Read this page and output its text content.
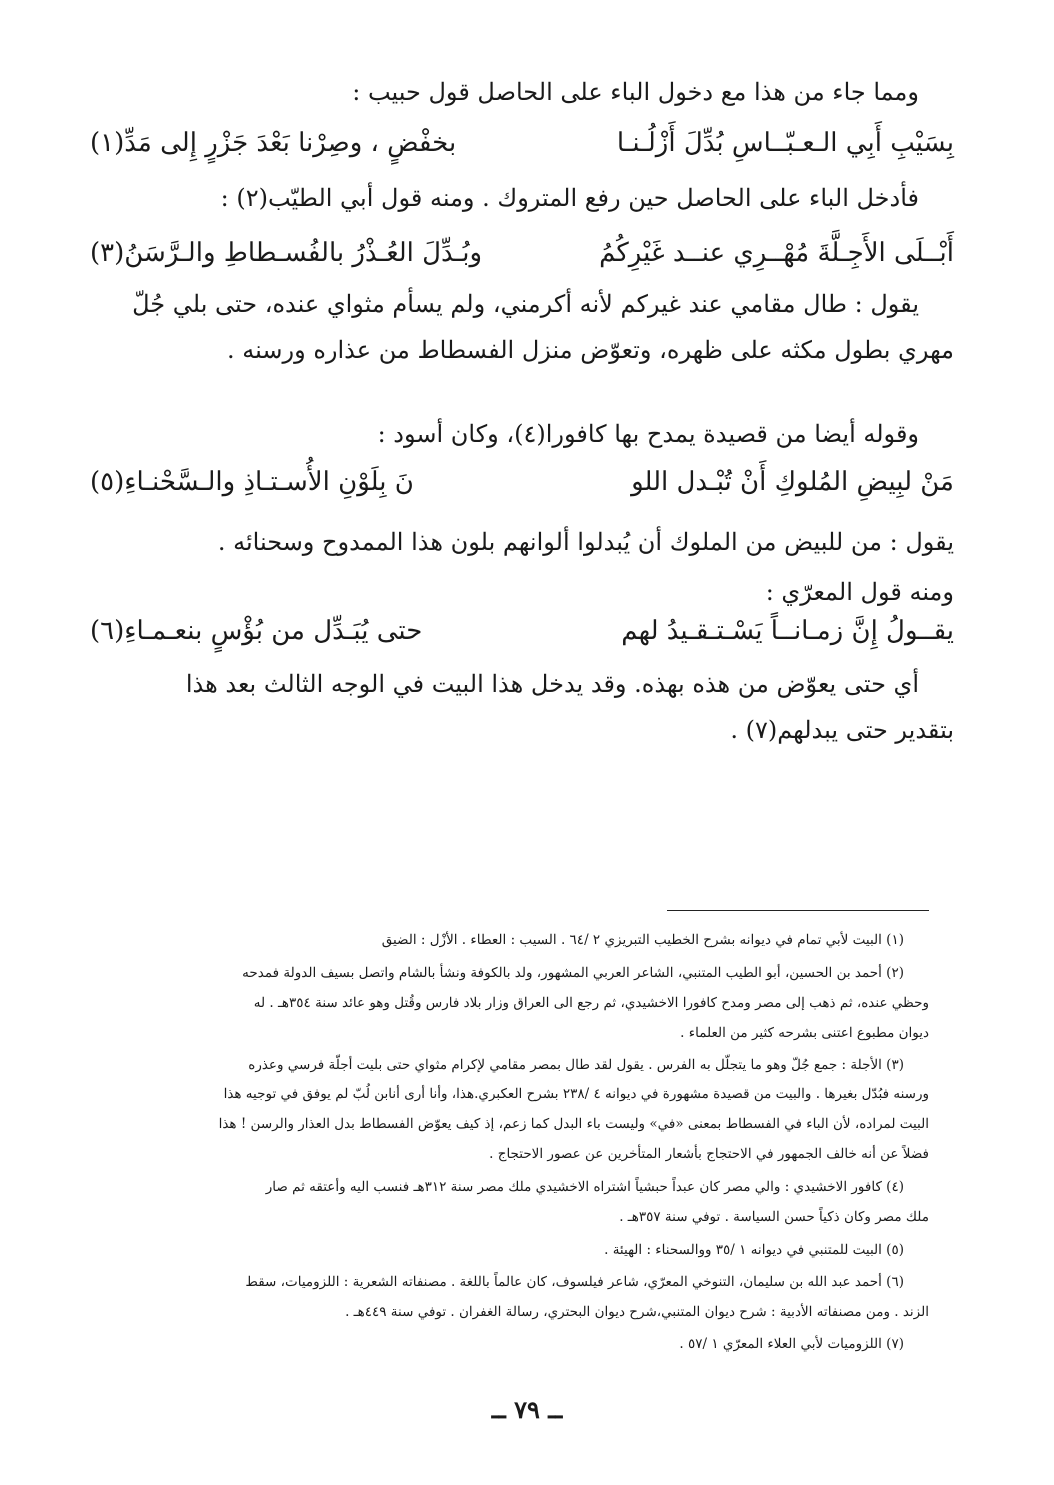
ومما جاء من هذا مع دخول الباء على الحاصل قول حبيب :
بِسَيْبِ أَبِي الـعـبّــاسِ بُدِّلَ أَزْلُـنـا
بخفْضٍ ، وصِرْنا بَعْدَ جَزْرٍ إِلى مَدِّ(١)
فأدخل الباء على الحاصل حين رفع المتروك . ومنه قول أبي الطيّب(٢) :
أَبْــلَى الأَجِـلَّةَ مُهْــرِي عنــد غَيْرِكُمُ
وبُـدِّلَ العُـذْرُ بالفُسـطاطِ والـرَّسَنُ(٣)
يقول : طال مقامي عند غيركم لأنه أكرمني، ولم يسأم مثواي عنده، حتى بلي جُلّ
مهري بطول مكثه على ظهره، وتعوّض منزل الفسطاط من عذاره ورسنه .
وقوله أيضا من قصيدة يمدح بها كافورا(٤)، وكان أسود :
مَنْ لبِيضِ المُلوكِ أَنْ تُبْـدل اللو
نَ بِلَوْنِ الأُسـتـاذِ والـسَّحْنـاءِ(٥)
يقول : من للبيض من الملوك أن يُبدلوا ألوانهم بلون هذا الممدوح وسحنائه .
ومنه قول المعرّي :
يقــولُ إِنَّ زمـانــاً يَسْـتـقـيدُ لهم
حتى يُبَـدِّل من بُؤْسٍ بنعـمـاءِ(٦)
أي حتى يعوّض من هذه بهذه. وقد يدخل هذا البيت في الوجه الثالث بعد هذا
بتقدير حتى يبدلهم(٧) .
(١) البيت لأبي تمام في ديوانه بشرح الخطيب التبريزي ٢ /٦٤ . السيب : العطاء . الأزْل : الضيق
(٢) أحمد بن الحسين، أبو الطيب المتنبي، الشاعر العربي المشهور، ولد بالكوفة ونشأ بالشام واتصل بسيف الدولة فمدحه
وحظي عنده، ثم ذهب إلى مصر ومدح كافورا الاخشيدي، ثم رجع الى العراق وزار بلاد فارس وقُتل وهو عائد سنة ٣٥٤هـ . له
ديوان مطبوع اعتنى بشرحه كثير من العلماء .
(٣) الأجلة : جمع جُلّ وهو ما يتجلّل به الفرس . يقول لقد طال بمصر مقامي لإكرام مثواي حتى بليت أجلّة فرسي وعذره
ورسنه فبُدّل بغيرها . والبيت من قصيدة مشهورة في ديوانه ٤ /٢٣٨ بشرح العكبري.هذا، وأنا أرى أنابن لُبّ لم يوفق في توجيه هذا
البيت لمراده، لأن الباء في الفسطاط بمعنى «في» وليست باء البدل كما زعم، إذ كيف يعوّض الفسطاط بدل العذار والرسن ! هذا
فضلاً عن أنه خالف الجمهور في الاحتجاج بأشعار المتأخرين عن عصور الاحتجاج .
(٤) كافور الاخشيدي : والي مصر كان عبداً حبشياً اشتراه الاخشيدي ملك مصر سنة ٣١٢هـ فنسب اليه وأعتقه ثم صار
ملك مصر وكان ذكياً حسن السياسة . توفي سنة ٣٥٧هـ .
(٥) البيت للمتنبي في ديوانه ١ /٣٥ ووالسحناء : الهيئة .
(٦) أحمد عبد الله بن سليمان، التنوخي المعرّي، شاعر فيلسوف، كان عالماً باللغة . مصنفاته الشعرية : اللزوميات، سقط
الزند . ومن مصنفاته الأدبية : شرح ديوان المتنبي،شرح ديوان البحتري، رسالة الغفران . توفي سنة ٤٤٩هـ .
(٧) اللزوميات لأبي العلاء المعرّي ١ /٥٧ .
ــ ٧٩ ــ
